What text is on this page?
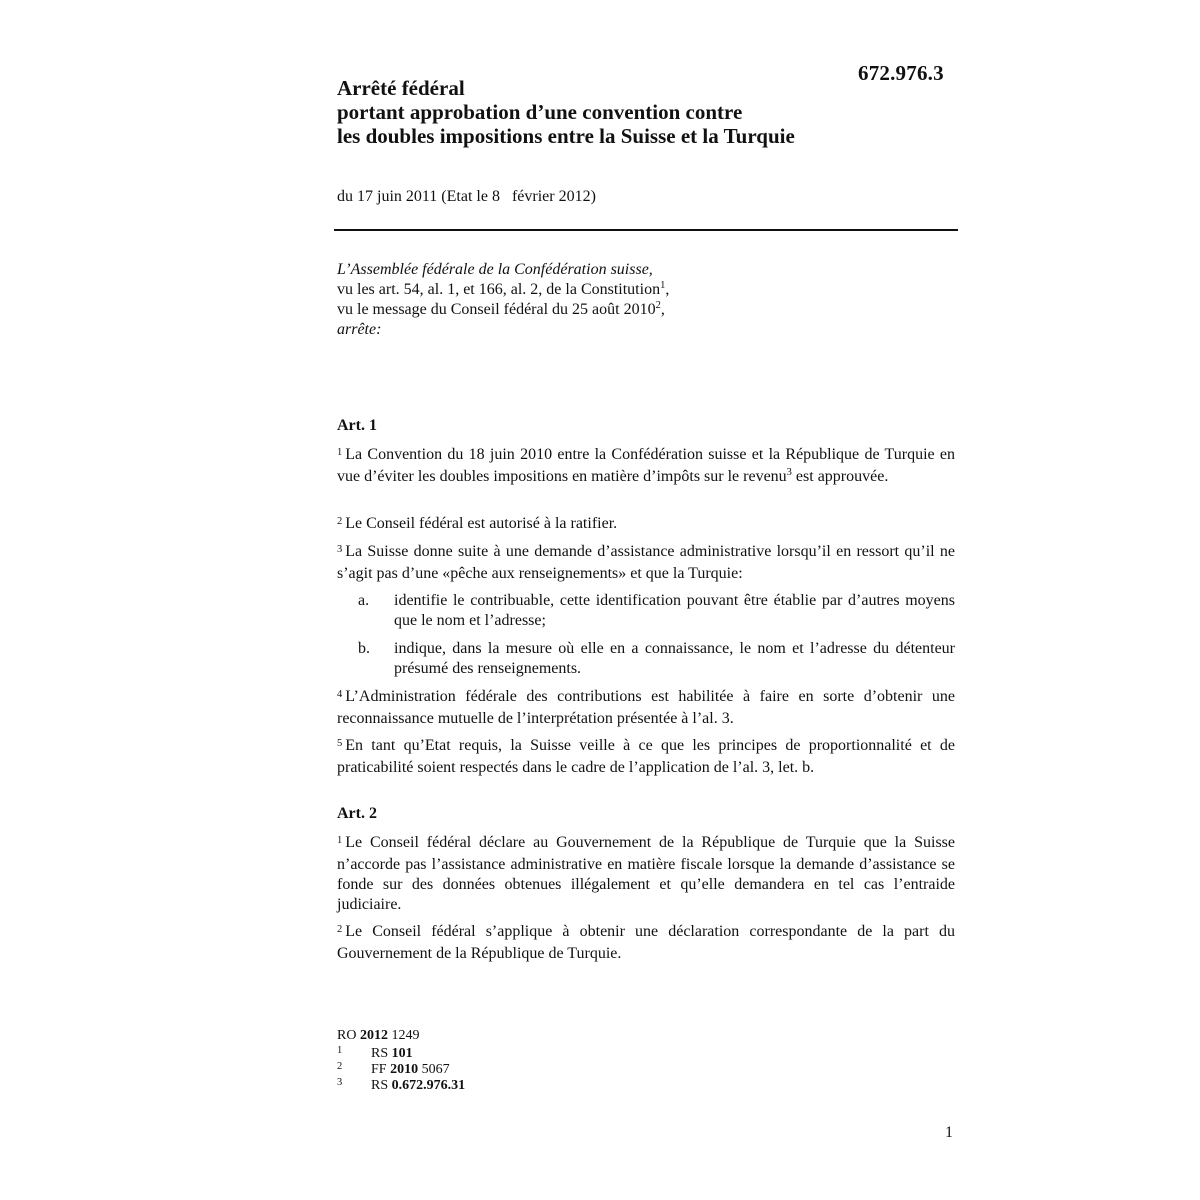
672.976.3
Arrêté fédéral
portant approbation d’une convention contre
les doubles impositions entre la Suisse et la Turquie
du 17 juin 2011 (Etat le 8   février 2012)
L’Assemblée fédérale de la Confédération suisse,
vu les art. 54, al. 1, et 166, al. 2, de la Constitution$^1$,
vu le message du Conseil fédéral du 25 août 2010$^2$,
arrête:
Art. 1

$^1$ La Convention du 18 juin 2010 entre la Confédération suisse et la République de Turquie en vue d’éviter les doubles impositions en matière d’impôts sur le revenu$^3$ est approuvée.

$^2$ Le Conseil fédéral est autorisé à la ratifier.

$^3$ La Suisse donne suite à une demande d’assistance administrative lorsqu’il en ressort qu’il ne s’agit pas d’une «pêche aux renseignements» et que la Turquie:

a. identifie le contribuable, cette identification pouvant être établie par d’autres moyens que le nom et l’adresse;
b. indique, dans la mesure où elle en a connaissance, le nom et l’adresse du détenteur présumé des renseignements.

$^4$ L’Administration fédérale des contributions est habilitée à faire en sorte d’obtenir une reconnaissance mutuelle de l’interprétation présentée à l’al. 3.

$^5$ En tant qu’Etat requis, la Suisse veille à ce que les principes de proportionnalité et de praticabilité soient respectés dans le cadre de l’application de l’al. 3, let. b.

Art. 2

$^1$ Le Conseil fédéral déclare au Gouvernement de la République de Turquie que la Suisse n’accorde pas l’assistance administrative en matière fiscale lorsque la demande d’assistance se fonde sur des données obtenues illégalement et qu’elle demandera en tel cas l’entraide judiciaire.

$^2$ Le Conseil fédéral s’applique à obtenir une déclaration correspondante de la part du Gouvernement de la République de Turquie.

RO 2012 1249
1 RS 101
2 FF 2010 5067
3 RS 0.672.976.31
1
